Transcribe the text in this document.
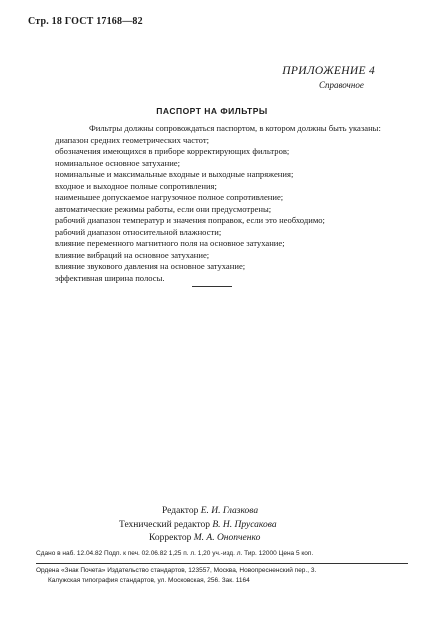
Стр. 18 ГОСТ 17168—82
ПРИЛОЖЕНИЕ 4
Справочное
ПАСПОРТ НА ФИЛЬТРЫ

Фильтры должны сопровождаться паспортом, в котором должны быть указаны:

диапазон средних геометрических частот;
обозначения имеющихся в приборе корректирующих фильтров;
номинальное основное затухание;
номинальные и максимальные входные и выходные напряжения;
входное и выходное полные сопротивления;
наименьшее допускаемое нагрузочное полное сопротивление;
автоматические режимы работы, если они предусмотрены;
рабочий диапазон температур и значения поправок, если это необходимо;
рабочий диапазон относительной влажности;
влияние переменного магнитного поля на основное затухание;
влияние вибраций на основное затухание;
влияние звукового давления на основное затухание;
эффективная ширина полосы.
Редактор Е. И. Глазкова
Технический редактор В. Н. Прусакова
Корректор М. А. Онопченко
Сдано в наб. 12.04.82 Подп. к печ. 02.06.82 1,25 п. л. 1,20 уч.-изд. л. Тир. 12000 Цена 5 коп.
Ордена «Знак Почета» Издательство стандартов, 123557, Москва, Новопресненский пер., 3.
Калужская типография стандартов, ул. Московская, 256. Зак. 1164
